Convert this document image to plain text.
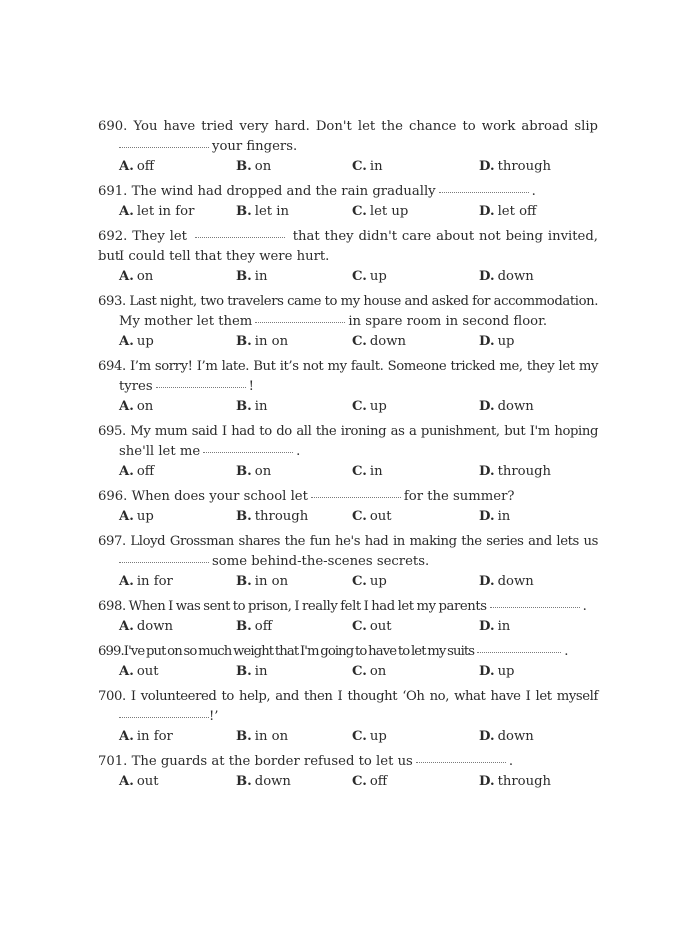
690. You have tried very hard. Don't let the chance to work abroad slip
your fingers.
A. off	B. on	C. in	D. through
691. The wind had dropped and the rain gradually	.
A. let in for	B. let in	C. let up	D. let off
692. They let	that they didn't care about not being invited, but
I could tell that they were hurt.
A. on	B. in	C. up	D. down
693. Last night, two travelers came to my house and asked for accommodation.
My mother let them	in spare room in second floor.
A. up	B. in on	C. down	D. up
694. I’m sorry! I’m late. But it’s not my fault. Someone tricked me, they let my
tyres	!
A. on	B. in	C. up	D. down
695. My mum said I had to do all the ironing as a punishment, but I'm hoping
she'll let me	.
A. off	B. on	C. in	D. through
696. When does your school let	for the summer?
A. up	B. through	C. out	D. in
697. Lloyd Grossman shares the fun he's had in making the series and lets us
some behind-the-scenes secrets.
A. in for	B. in on	C. up	D. down
698. When I was sent to prison, I really felt I had let my parents	.
A. down	B. off	C. out	D. in
699.I've put on so much weight that I'm going to have to let my suits	.
A. out	B. in	C. on	D. up
700. I volunteered to help, and then I thought ‘Oh no, what have I let myself
!’
A. in for	B. in on	C. up	D. down
701. The guards at the border refused to let us	.
A. out	B. down	C. off	D. through
